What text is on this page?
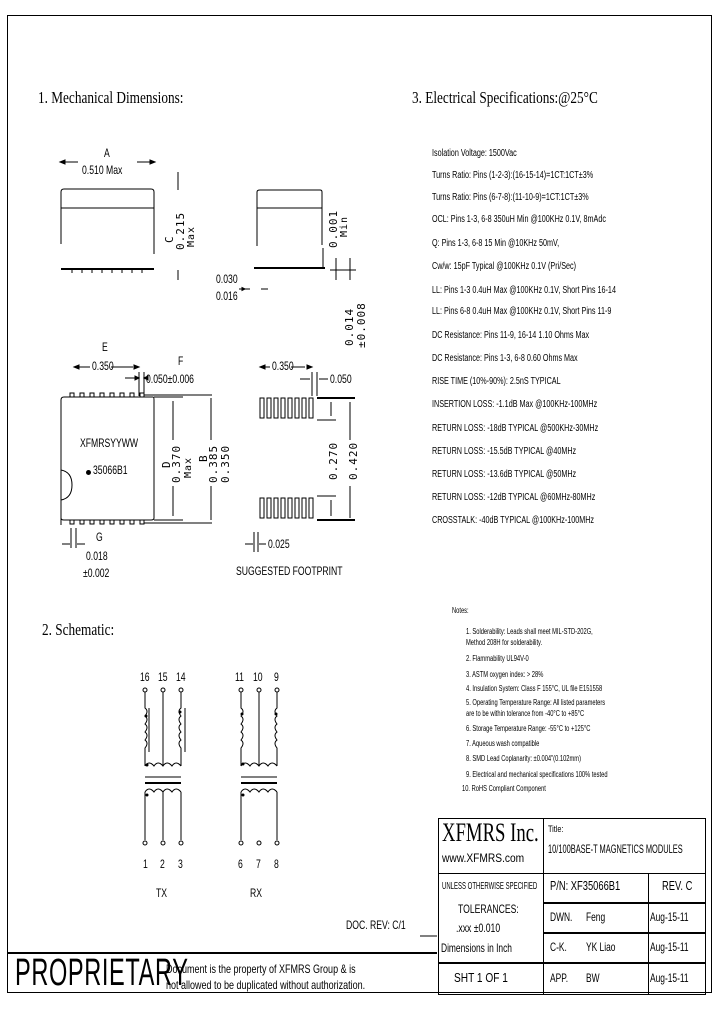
1. Mechanical Dimensions:	3. Electrical Specifications:@25°C
2. Schematic:
A
0.510 Max
C
0.215 Max	0.001 Min
0.030
0.016
0.014 ±0.008
E
0.350	F
0.050±0.006
XFMRSYYWW
35066B1	D
0.370 Max B
0.385 0.350
G
0.018
±0.002
0.350
0.050
0.270 0.420
0.025
SUGGESTED FOOTPRINT
Isolation Voltage: 1500Vac
Turns Ratio: Pins (1-2-3):(16-15-14)=1CT:1CT±3%
Turns Ratio: Pins (6-7-8):(11-10-9)=1CT:1CT±3%
OCL: Pins 1-3, 6-8 350uH Min @100KHz 0.1V, 8mAdc
Q: Pins 1-3, 6-8 15 Min @10KHz 50mV,
Cw/w: 15pF Typical @100KHz 0.1V (Pri/Sec)
LL: Pins 1-3 0.4uH Max @100KHz 0.1V, Short Pins 16-14
LL: Pins 6-8 0.4uH Max @100KHz 0.1V, Short Pins 11-9
DC Resistance: Pins 11-9, 16-14 1.10 Ohms Max
DC Resistance: Pins 1-3, 6-8 0.60 Ohms Max
RISE TIME (10%-90%): 2.5nS TYPICAL
INSERTION LOSS: -1.1dB Max @100KHz-100MHz
RETURN LOSS: -18dB TYPICAL @500KHz-30MHz
RETURN LOSS: -15.5dB TYPICAL @40MHz
RETURN LOSS: -13.6dB TYPICAL @50MHz
RETURN LOSS: -12dB TYPICAL @60MHz-80MHz
CROSSTALK: -40dB TYPICAL @100KHz-100MHz
Notes:
1. Solderability: Leads shall meet MIL-STD-202G,
Method 208H for solderability.
2. Flammability UL94V-0
3. ASTM oxygen index: > 28%
4. Insulation System: Class F 155°C, UL file E151558
5. Operating Temperature Range: All listed parameters
are to be within tolerance from -40°C to +85°C
6. Storage Temperature Range: -55°C to +125°C
7. Aqueous wash compatible
8. SMD Lead Coplanarity: ±0.004"(0.102mm)
9. Electrical and mechanical specifications 100% tested
10. RoHS Compliant Component
16 15 14	11 10 9
1 2 3	6 7 8
TX	RX
DOC. REV: C/1
PROPRIETARY
Document is the property of XFMRS Group & is
not allowed to be duplicated without authorization.
XFMRS Inc.
www.XFMRS.com
Title:
10/100BASE-T MAGNETICS MODULES
UNLESS OTHERWISE SPECIFIED P/N: XF35066B1	REV. C
TOLERANCES:
.xxx ±0.010
Dimensions in Inch
SHT 1 OF 1
DWN. Feng	Aug-15-11
C-K. YK Liao	Aug-15-11
APP. BW	Aug-15-11
